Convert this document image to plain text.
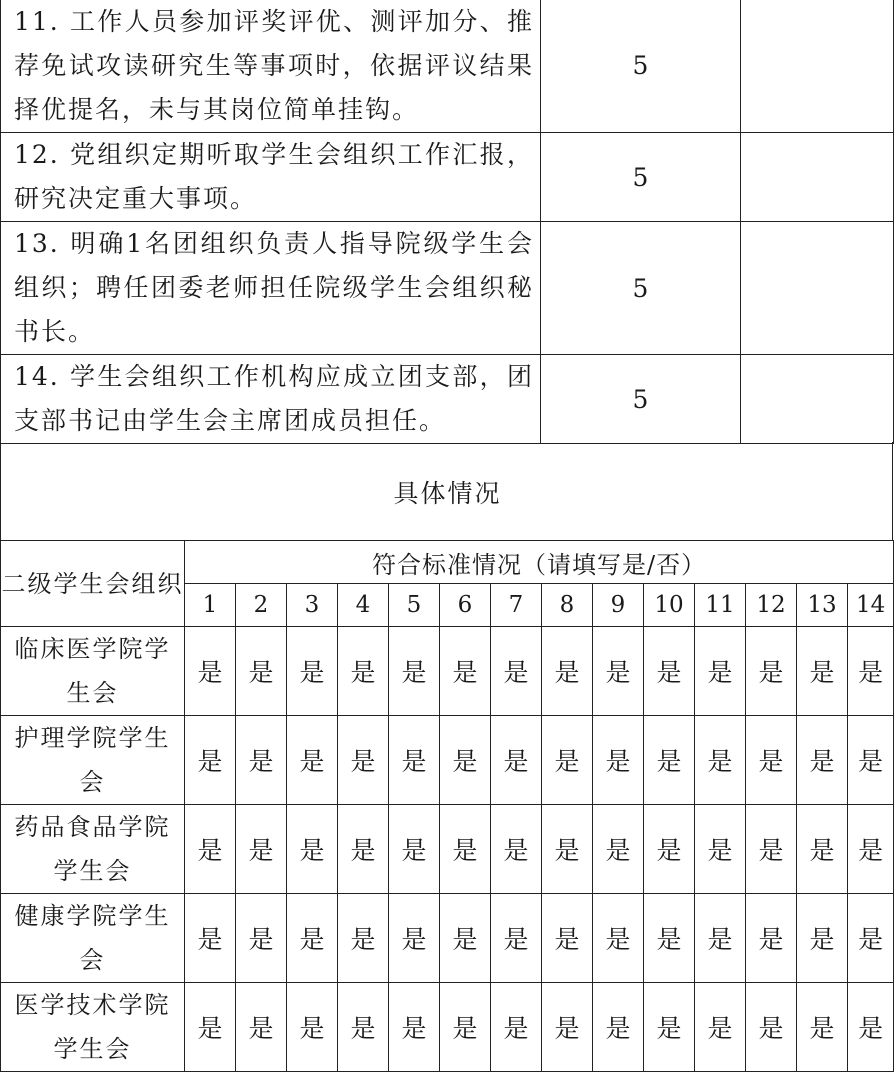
11. 工作人员参加评奖评优、测评加分、推荐免试攻读研究生等事项时，依据评议结果择优提名，未与其岗位简单挂钩。	5	
12. 党组织定期听取学生会组织工作汇报，研究决定重大事项。	5	
13. 明确1名团组织负责人指导院级学生会组织；聘任团委老师担任院级学生会组织秘书长。	5	
14. 学生会组织工作机构应成立团支部，团支部书记由学生会主席团成员担任。	5	
具体情况
二级学生会组织	符合标准情况（请填写是/否）													
	1	2	3	4	5	6	7	8	9	10	11	12	13	14
临床医学院学生会	是	是	是	是	是	是	是	是	是	是	是	是	是	是
护理学院学生会	是	是	是	是	是	是	是	是	是	是	是	是	是	是
药品食品学院学生会	是	是	是	是	是	是	是	是	是	是	是	是	是	是
健康学院学生会	是	是	是	是	是	是	是	是	是	是	是	是	是	是
医学技术学院学生会	是	是	是	是	是	是	是	是	是	是	是	是	是	是
